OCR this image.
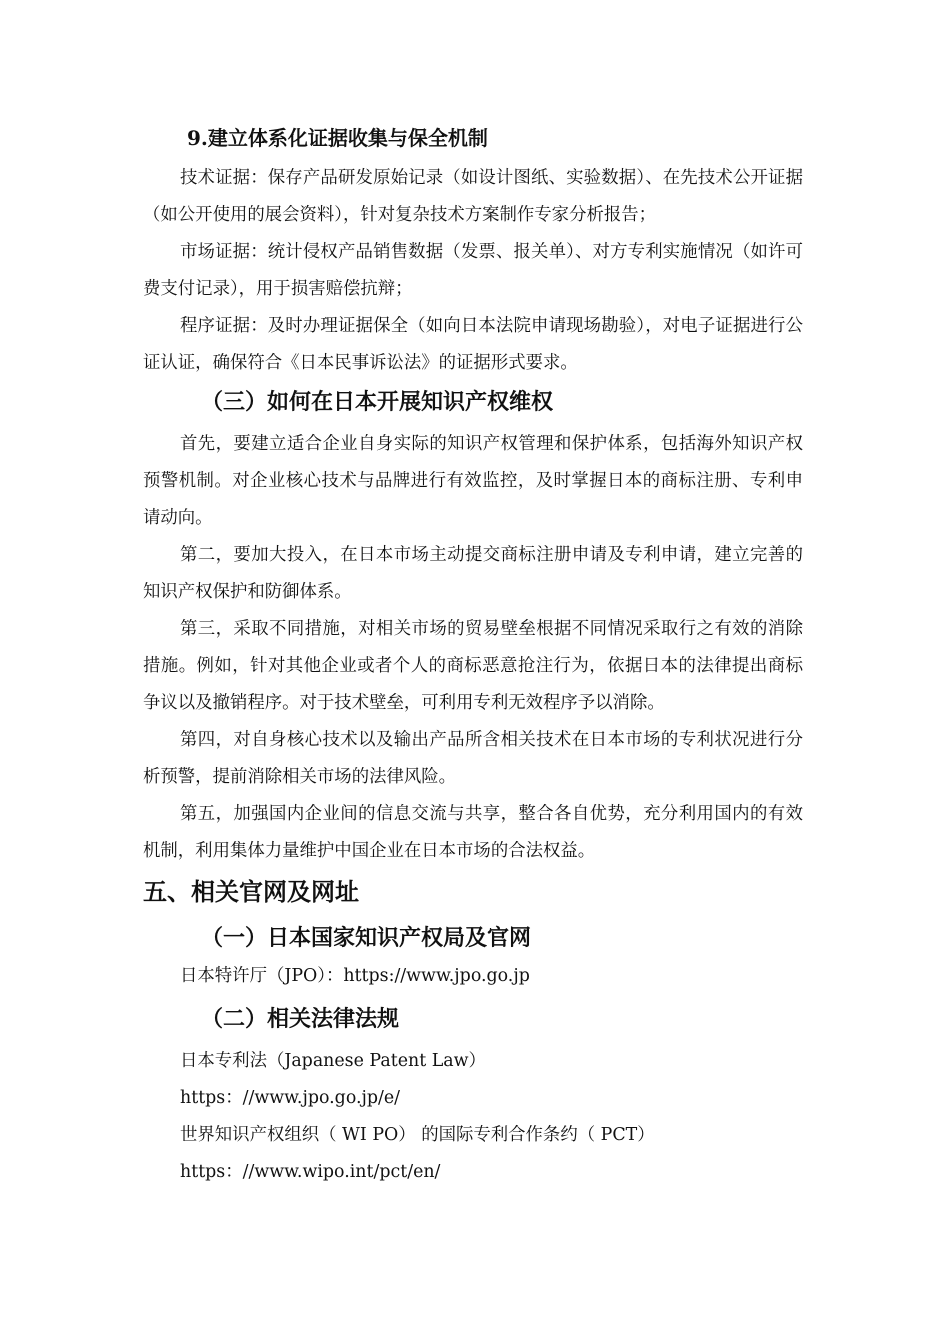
9.建立体系化证据收集与保全机制

技术证据：保存产品研发原始记录（如设计图纸、实验数据）、在先技术公开证据（如公开使用的展会资料），针对复杂技术方案制作专家分析报告；

市场证据：统计侵权产品销售数据（发票、报关单）、对方专利实施情况（如许可费支付记录），用于损害赔偿抗辩；

程序证据：及时办理证据保全（如向日本法院申请现场勘验），对电子证据进行公证认证，确保符合《日本民事诉讼法》的证据形式要求。

（三）如何在日本开展知识产权维权

首先，要建立适合企业自身实际的知识产权管理和保护体系，包括海外知识产权预警机制。对企业核心技术与品牌进行有效监控，及时掌握日本的商标注册、专利申请动向。

第二，要加大投入，在日本市场主动提交商标注册申请及专利申请，建立完善的知识产权保护和防御体系。

第三，采取不同措施，对相关市场的贸易壁垒根据不同情况采取行之有效的消除措施。例如，针对其他企业或者个人的商标恶意抢注行为，依据日本的法律提出商标争议以及撤销程序。对于技术壁垒，可利用专利无效程序予以消除。

第四，对自身核心技术以及输出产品所含相关技术在日本市场的专利状况进行分析预警，提前消除相关市场的法律风险。

第五，加强国内企业间的信息交流与共享，整合各自优势，充分利用国内的有效机制，利用集体力量维护中国企业在日本市场的合法权益。

五、相关官网及网址
（一）日本国家知识产权局及官网

日本特许厅（JPO）：https://www.jpo.go.jp

（二）相关法律法规

日本专利法（Japanese Patent Law）

https：//www.jpo.go.jp/e/

世界知识产权组织（ WI PO） 的国际专利合作条约（ PCT）

https：//www.wipo.int/pct/en/
